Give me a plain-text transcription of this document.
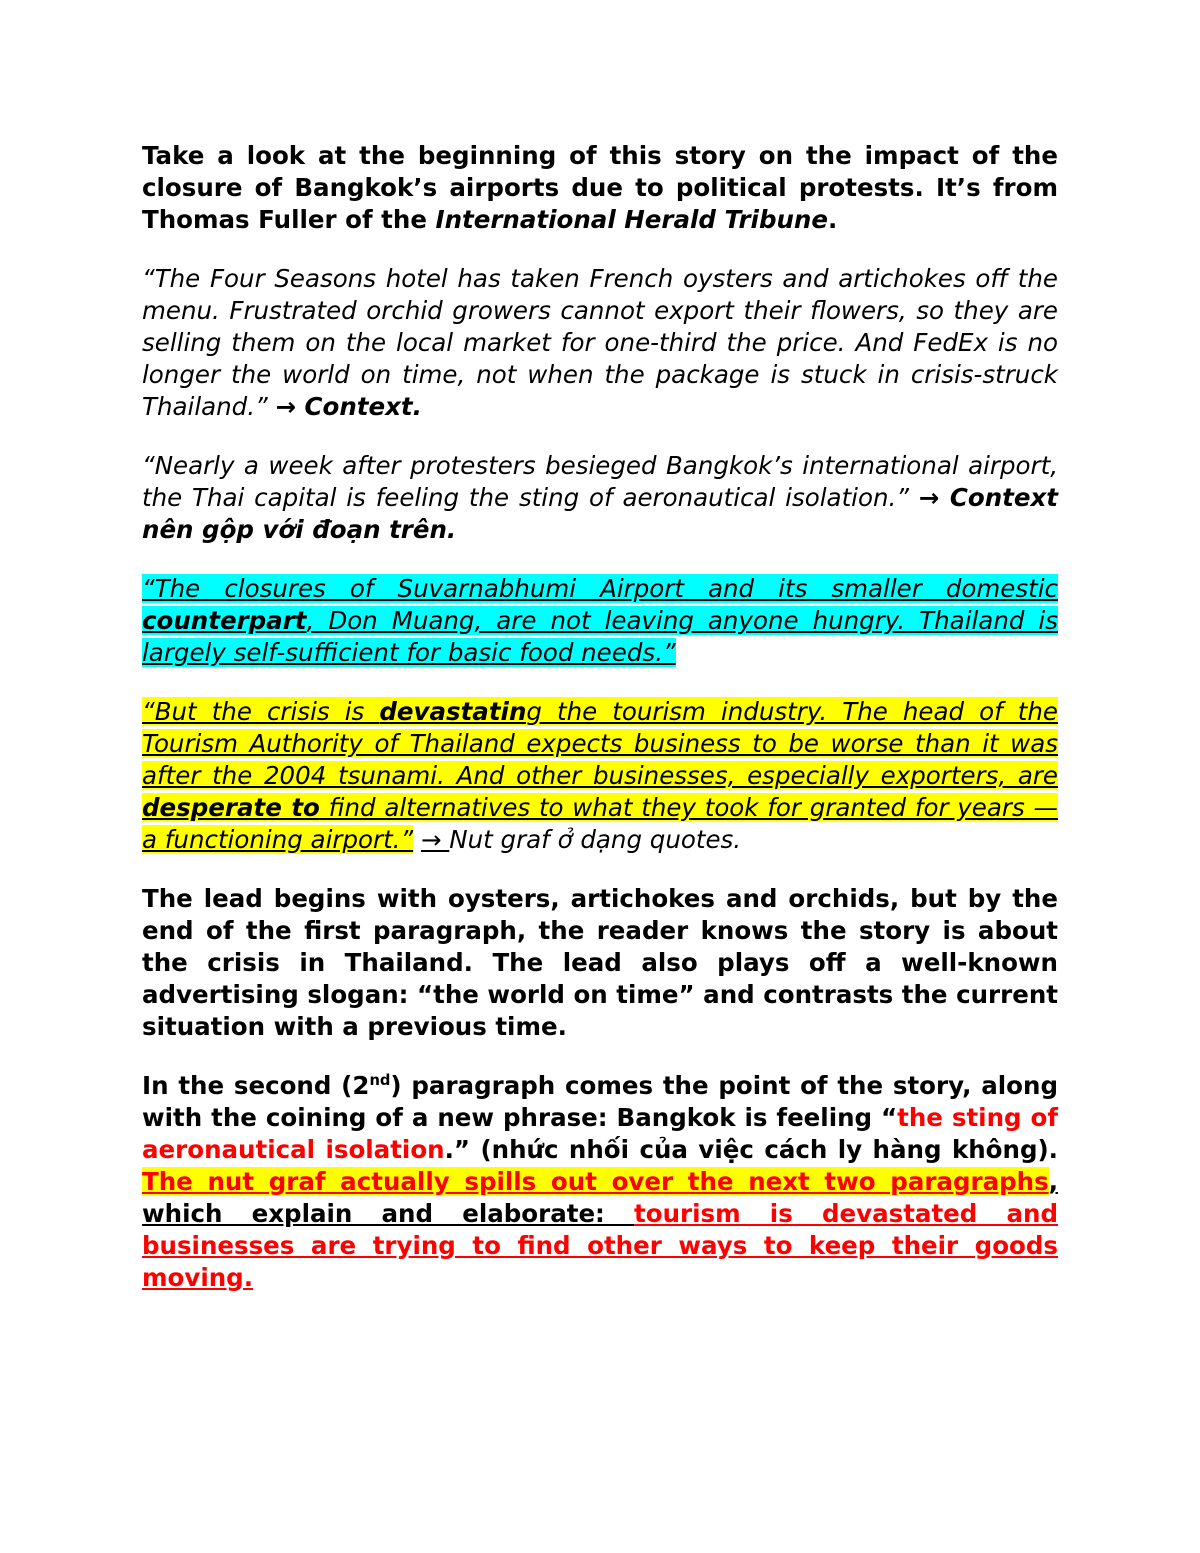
Take a look at the beginning of this story on the impact of the closure of Bangkok’s airports due to political protests. It’s from Thomas Fuller of the International Herald Tribune.

“The Four Seasons hotel has taken French oysters and artichokes off the menu. Frustrated orchid growers cannot export their flowers, so they are selling them on the local market for one-third the price. And FedEx is no longer the world on time, not when the package is stuck in crisis-struck Thailand.” → Context.

“Nearly a week after protesters besieged Bangkok’s international airport, the Thai capital is feeling the sting of aeronautical isolation.” → Context nên gộp với đoạn trên.

“The closures of Suvarnabhumi Airport and its smaller domestic counterpart, Don Muang, are not leaving anyone hungry. Thailand is largely self-sufficient for basic food needs.”

“But the crisis is devastating the tourism industry. The head of the Tourism Authority of Thailand expects business to be worse than it was after the 2004 tsunami. And other businesses, especially exporters, are desperate to find alternatives to what they took for granted for years — a functioning airport.” → Nut graf ở dạng quotes.

The lead begins with oysters, artichokes and orchids, but by the end of the first paragraph, the reader knows the story is about the crisis in Thailand. The lead also plays off a well-known advertising slogan: “the world on time” and contrasts the current situation with a previous time.

In the second (2nd) paragraph comes the point of the story, along with the coining of a new phrase: Bangkok is feeling “the sting of aeronautical isolation.” (nhức nhối của việc cách ly hàng không). The nut graf actually spills out over the next two paragraphs, which explain and elaborate: tourism is devastated and businesses are trying to find other ways to keep their goods moving.
